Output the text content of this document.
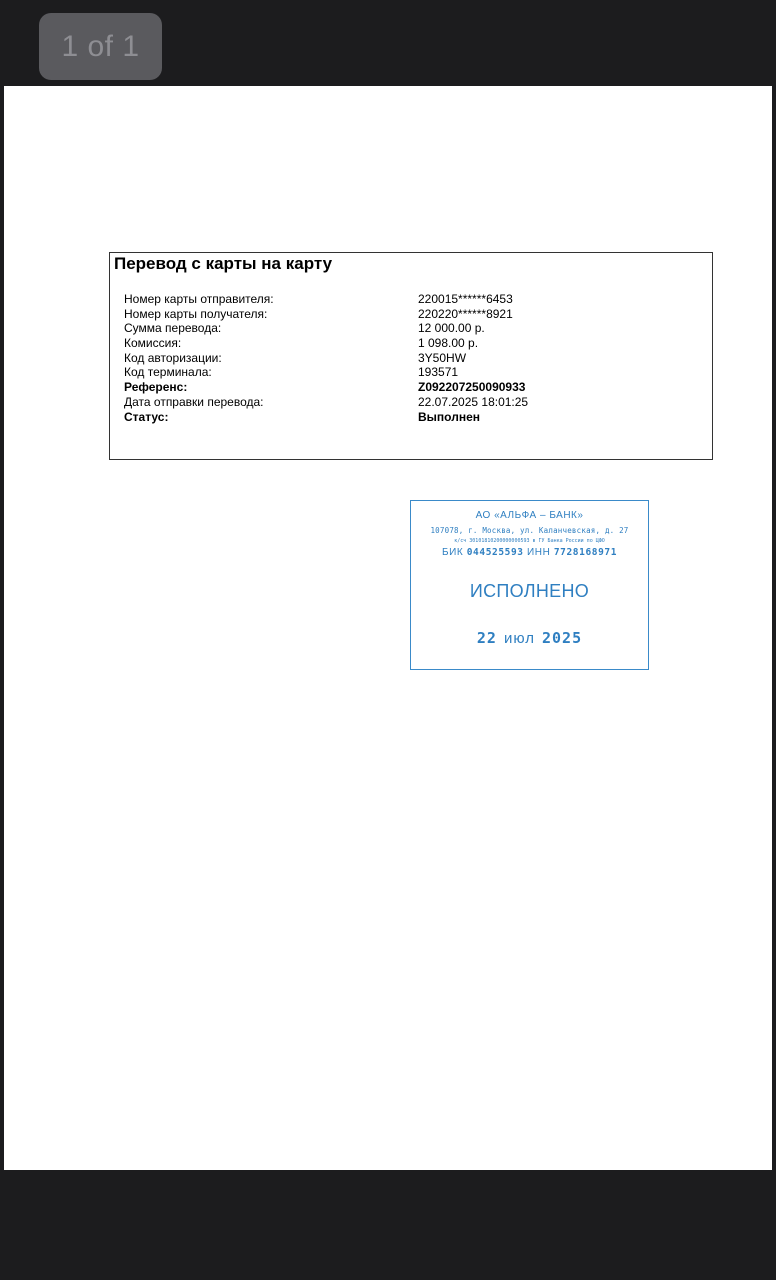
1 of 1
Перевод с карты на карту
Номер карты отправителя:	220015******6453
Номер карты получателя:	220220******8921
Сумма перевода:	12 000.00 р.
Комиссия:	1 098.00 р.
Код авторизации:	3Y50HW
Код терминала:	193571
Референс:	Z092207250090933
Дата отправки перевода:	22.07.2025 18:01:25
Статус:	Выполнен
АО «АЛЬФА – БАНК»
107078, г. Москва, ул. Каланчевская, д. 27
к/сч 30101810200000000593 в ГУ Банка России по ЦФО
БИК 044525593 ИНН 7728168971
ИСПОЛНЕНО
22 июл 2025
